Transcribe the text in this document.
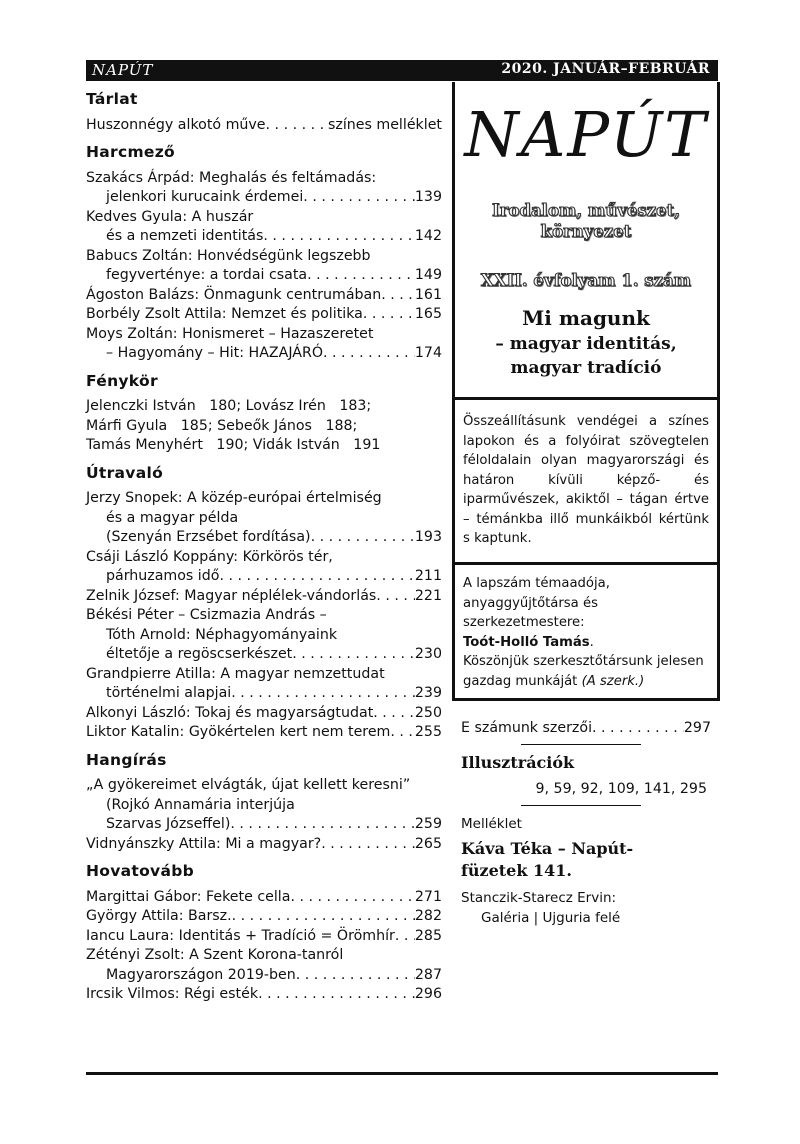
NAPÚT	2020. JANUÁR–FEBRUÁR
Tárlat
Huszonnégy alkotó műve . . .	színes melléklet
Harcmező
Szakács Árpád: Meghalás és feltámadás:
jelenkori kurucaink érdemei . . .	139
Kedves Gyula: A huszár
és a nemzeti identitás . . .	142
Babucs Zoltán: Honvédségünk legszebb
fegyverténye: a tordai csata . . .	149
Ágoston Balázs: Önmagunk centrumában . . . 161
Borbély Zsolt Attila: Nemzet és politika . . .	165
Moys Zoltán: Honismeret – Hazaszeretet
– Hagyomány – Hit: HAZAJÁRÓ . . .	174
Fénykör
Jelenczki István   180; Lovász Irén   183;
Márfi Gyula   185; Sebeők János   188;
Tamás Menyhért   190; Vidák István   191
Útravaló
Jerzy Snopek: A közép-európai értelmiség
és a magyar példa
(Szenyán Erzsébet fordítása) . . .	193
Csáji László Koppány: Körkörös tér,
párhuzamos idő . . .	211
Zelnik József: Magyar néplélek-vándorlás . . .	221
Békési Péter – Csizmazia András –
Tóth Arnold: Néphagyományaink
éltetője a regöscserkészet . . .	230
Grandpierre Atilla: A magyar nemzettudat
történelmi alapjai . . .	239
Alkonyi László: Tokaj és magyarságtudat . . .	250
Liktor Katalin: Gyökértelen kert nem terem . . . 255
Hangírás
„A gyökereimet elvágták, újat kellett keresni”
(Rojkó Annamária interjúja
Szarvas Józseffel) . . .	259
Vidnyánszky Attila: Mi a magyar? . . .	265
Hovatovább
Margittai Gábor: Fekete cella . . .	271
György Attila: Barsz. . . .	282
Iancu Laura: Identitás + Tradíció = Örömhír . . . 285
Zétényi Zsolt: A Szent Korona-tanról
Magyarországon 2019-ben . . .	287
Ircsik Vilmos: Régi esték . . .	296
NAPÚT
Irodalom, művészet,
környezet
XXII. évfolyam 1. szám
Mi magunk
– magyar identitás,
magyar tradíció
Összeállításunk vendégei a színes lapokon és a folyóirat szövegtelen féloldalain olyan magyarországi és határon kívüli képző- és iparművészek, akiktől – tágan értve – témánkba illő munkáikból kértünk s kaptunk.
A lapszám témaadója, anyaggyűjtőtársa és szerkezetmestere:
Toót-Holló Tamás.
Köszönjük szerkesztőtársunk jelesen gazdag munkáját (A szerk.)
E számunk szerzői . . .	297
Illusztrációk
9, 59, 92, 109, 141, 295
Melléklet
Káva Téka – Napút-
füzetek 141.
Stanczik-Starecz Ervin:
Galéria | Ujguria felé
